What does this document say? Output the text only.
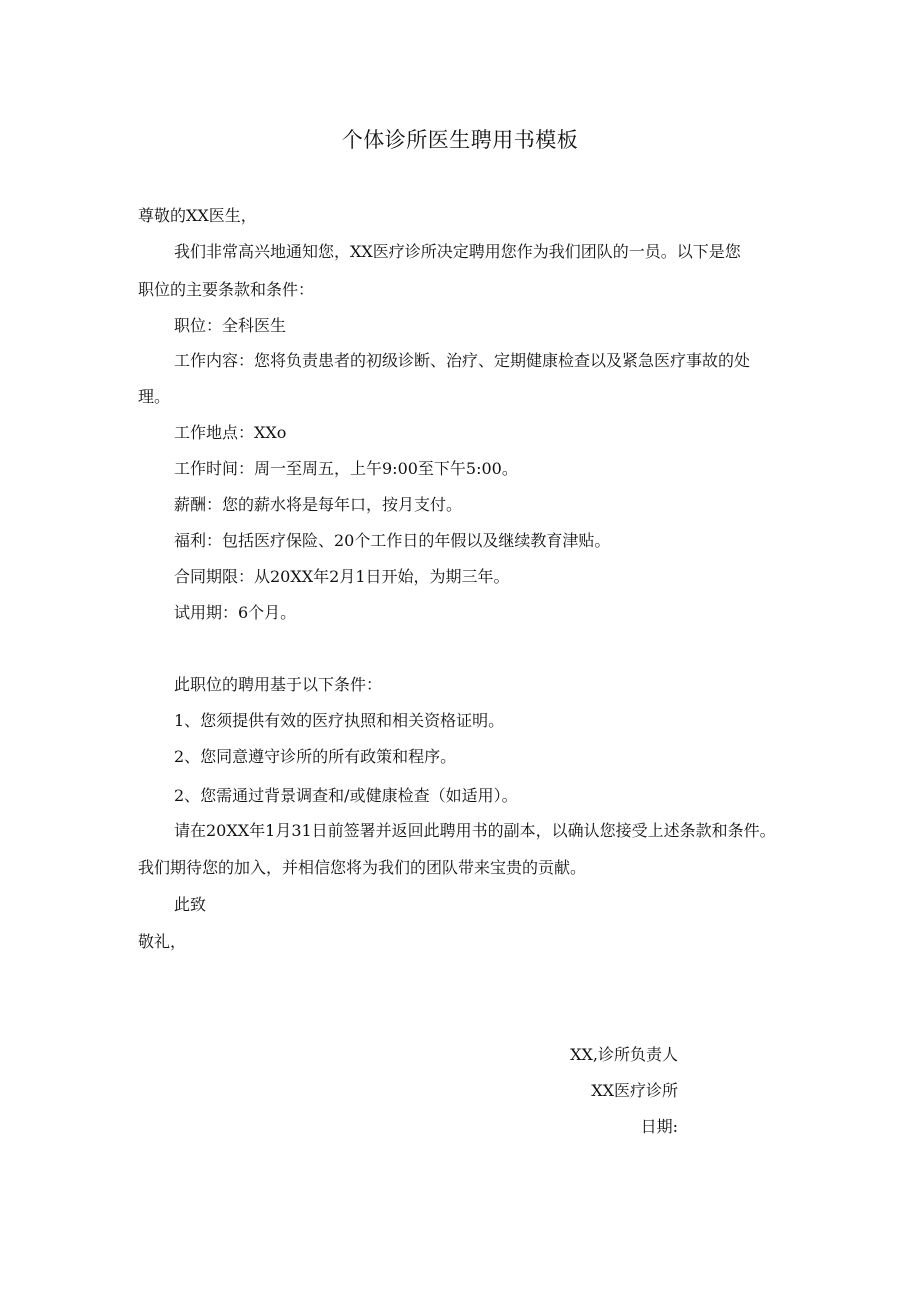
个体诊所医生聘用书模板
尊敬的XX医生，
我们非常高兴地通知您，XX医疗诊所决定聘用您作为我们团队的一员。以下是您
职位的主要条款和条件：
职位：全科医生
工作内容：您将负责患者的初级诊断、治疗、定期健康检查以及紧急医疗事故的处
理。
工作地点：XXo
工作时间：周一至周五，上午9:00至下午5:00。
薪酬：您的薪水将是每年口，按月支付。
福利：包括医疗保险、20个工作日的年假以及继续教育津贴。
合同期限：从20XX年2月1日开始，为期三年。
试用期：6个月。
此职位的聘用基于以下条件：
1、您须提供有效的医疗执照和相关资格证明。
2、您同意遵守诊所的所有政策和程序。
2、您需通过背景调查和/或健康检查（如适用）。
请在20XX年1月31日前签署并返回此聘用书的副本，以确认您接受上述条款和条件。
我们期待您的加入，并相信您将为我们的团队带来宝贵的贡献。
此致
敬礼，
XX,诊所负责人
XX医疗诊所
日期:
